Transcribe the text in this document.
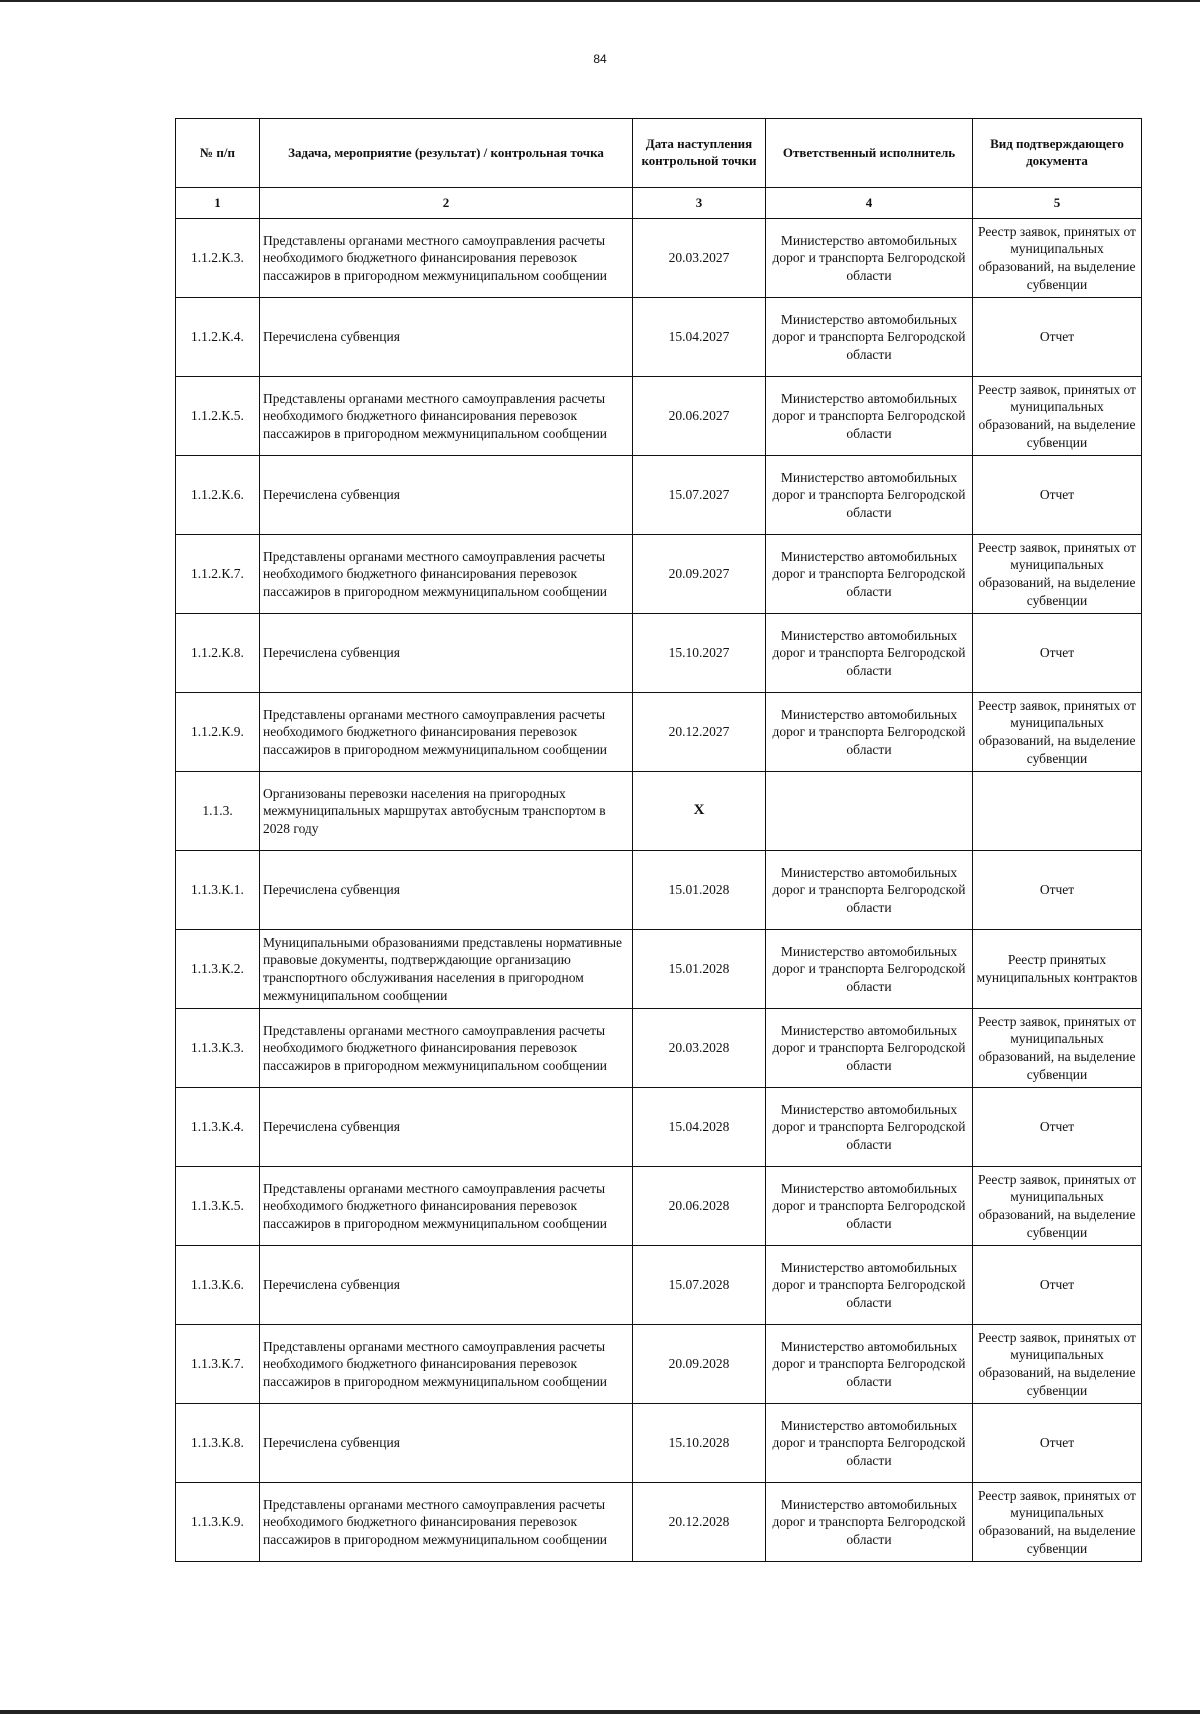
84
№ п/п	Задача, мероприятие (результат) / контрольная точка	Дата наступления контрольной точки	Ответственный исполнитель	Вид подтверждающего документа
1	2	3	4	5
1.1.2.К.3.	Представлены органами местного самоуправления расчеты необходимого бюджетного финансирования перевозок пассажиров в пригородном межмуниципальном сообщении	20.03.2027	Министерство автомобильных дорог и транспорта Белгородской области	Реестр заявок, принятых от муниципальных образований, на выделение субвенции
1.1.2.К.4.	Перечислена субвенция	15.04.2027	Министерство автомобильных дорог и транспорта Белгородской области	Отчет
1.1.2.К.5.	Представлены органами местного самоуправления расчеты необходимого бюджетного финансирования перевозок пассажиров в пригородном межмуниципальном сообщении	20.06.2027	Министерство автомобильных дорог и транспорта Белгородской области	Реестр заявок, принятых от муниципальных образований, на выделение субвенции
1.1.2.К.6.	Перечислена субвенция	15.07.2027	Министерство автомобильных дорог и транспорта Белгородской области	Отчет
1.1.2.К.7.	Представлены органами местного самоуправления расчеты необходимого бюджетного финансирования перевозок пассажиров в пригородном межмуниципальном сообщении	20.09.2027	Министерство автомобильных дорог и транспорта Белгородской области	Реестр заявок, принятых от муниципальных образований, на выделение субвенции
1.1.2.К.8.	Перечислена субвенция	15.10.2027	Министерство автомобильных дорог и транспорта Белгородской области	Отчет
1.1.2.К.9.	Представлены органами местного самоуправления расчеты необходимого бюджетного финансирования перевозок пассажиров в пригородном межмуниципальном сообщении	20.12.2027	Министерство автомобильных дорог и транспорта Белгородской области	Реестр заявок, принятых от муниципальных образований, на выделение субвенции
1.1.3.	Организованы перевозки населения на пригородных межмуниципальных маршрутах автобусным транспортом в 2028 году	X		
1.1.3.К.1.	Перечислена субвенция	15.01.2028	Министерство автомобильных дорог и транспорта Белгородской области	Отчет
1.1.3.К.2.	Муниципальными образованиями представлены нормативные правовые документы, подтверждающие организацию транспортного обслуживания населения в пригородном межмуниципальном сообщении	15.01.2028	Министерство автомобильных дорог и транспорта Белгородской области	Реестр принятых муниципальных контрактов
1.1.3.К.3.	Представлены органами местного самоуправления расчеты необходимого бюджетного финансирования перевозок пассажиров в пригородном межмуниципальном сообщении	20.03.2028	Министерство автомобильных дорог и транспорта Белгородской области	Реестр заявок, принятых от муниципальных образований, на выделение субвенции
1.1.3.К.4.	Перечислена субвенция	15.04.2028	Министерство автомобильных дорог и транспорта Белгородской области	Отчет
1.1.3.К.5.	Представлены органами местного самоуправления расчеты необходимого бюджетного финансирования перевозок пассажиров в пригородном межмуниципальном сообщении	20.06.2028	Министерство автомобильных дорог и транспорта Белгородской области	Реестр заявок, принятых от муниципальных образований, на выделение субвенции
1.1.3.К.6.	Перечислена субвенция	15.07.2028	Министерство автомобильных дорог и транспорта Белгородской области	Отчет
1.1.3.К.7.	Представлены органами местного самоуправления расчеты необходимого бюджетного финансирования перевозок пассажиров в пригородном межмуниципальном сообщении	20.09.2028	Министерство автомобильных дорог и транспорта Белгородской области	Реестр заявок, принятых от муниципальных образований, на выделение субвенции
1.1.3.К.8.	Перечислена субвенция	15.10.2028	Министерство автомобильных дорог и транспорта Белгородской области	Отчет
1.1.3.К.9.	Представлены органами местного самоуправления расчеты необходимого бюджетного финансирования перевозок пассажиров в пригородном межмуниципальном сообщении	20.12.2028	Министерство автомобильных дорог и транспорта Белгородской области	Реестр заявок, принятых от муниципальных образований, на выделение субвенции
